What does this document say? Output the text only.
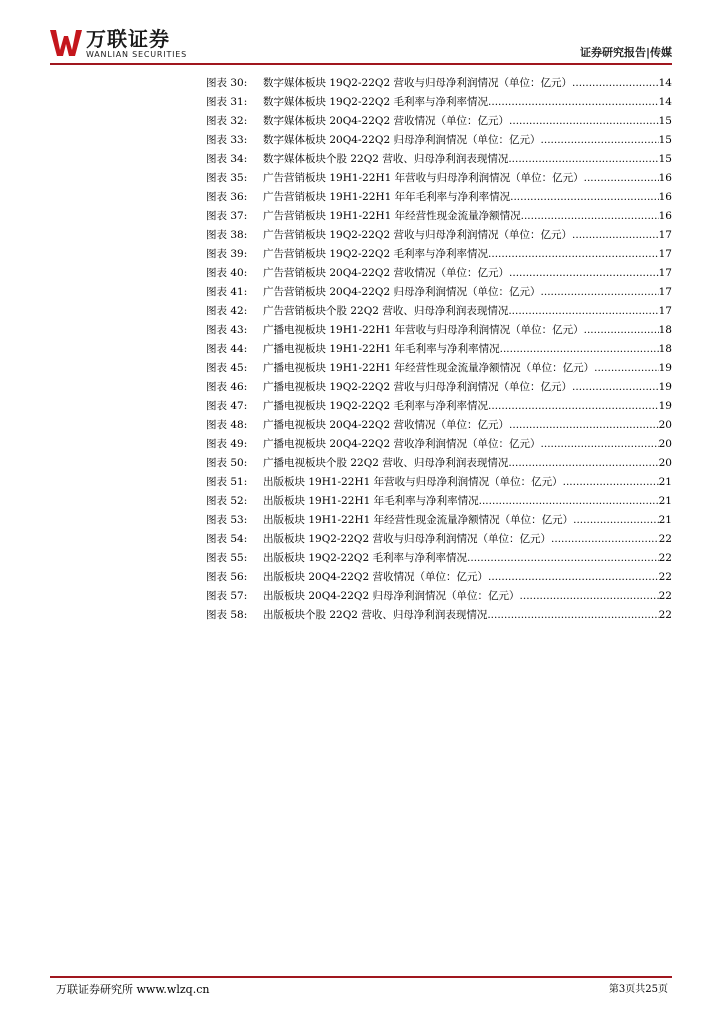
万联证券
WANLIAN SECURITIES	证券研究报告|传媒
图表 30:	数字媒体板块 19Q2-22Q2 营收与归母净利润情况（单位：亿元） .....	14
图表 31:	数字媒体板块 19Q2-22Q2 毛利率与净利率情况 .....	14
图表 32:	数字媒体板块 20Q4-22Q2 营收情况（单位：亿元） .....	15
图表 33:	数字媒体板块 20Q4-22Q2 归母净利润情况（单位：亿元） .....	15
图表 34:	数字媒体板块个股 22Q2 营收、归母净利润表现情况 .....	15
图表 35:	广告营销板块 19H1-22H1 年营收与归母净利润情况（单位：亿元） .....	16
图表 36:	广告营销板块 19H1-22H1 年年毛利率与净利率情况 .....	16
图表 37:	广告营销板块 19H1-22H1 年经营性现金流量净额情况 .....	16
图表 38:	广告营销板块 19Q2-22Q2 营收与归母净利润情况（单位：亿元） .....	17
图表 39:	广告营销板块 19Q2-22Q2 毛利率与净利率情况 .....	17
图表 40:	广告营销板块 20Q4-22Q2 营收情况（单位：亿元） .....	17
图表 41:	广告营销板块 20Q4-22Q2 归母净利润情况（单位：亿元） .....	17
图表 42:	广告营销板块个股 22Q2 营收、归母净利润表现情况 .....	17
图表 43:	广播电视板块 19H1-22H1 年营收与归母净利润情况（单位：亿元） .....	18
图表 44:	广播电视板块 19H1-22H1 年毛利率与净利率情况 .....	18
图表 45:	广播电视板块 19H1-22H1 年经营性现金流量净额情况（单位：亿元） .....	19
图表 46:	广播电视板块 19Q2-22Q2 营收与归母净利润情况（单位：亿元） .....	19
图表 47:	广播电视板块 19Q2-22Q2 毛利率与净利率情况 .....	19
图表 48:	广播电视板块 20Q4-22Q2 营收情况（单位：亿元） .....	20
图表 49:	广播电视板块 20Q4-22Q2 营收净利润情况（单位：亿元） .....	20
图表 50:	广播电视板块个股 22Q2 营收、归母净利润表现情况 .....	20
图表 51:	出版板块 19H1-22H1 年营收与归母净利润情况（单位：亿元） .....	21
图表 52:	出版板块 19H1-22H1 年毛利率与净利率情况 .....	21
图表 53:	出版板块 19H1-22H1 年经营性现金流量净额情况（单位：亿元） .....	21
图表 54:	出版板块 19Q2-22Q2 营收与归母净利润情况（单位：亿元） .....	22
图表 55:	出版板块 19Q2-22Q2 毛利率与净利率情况 .....	22
图表 56:	出版板块 20Q4-22Q2 营收情况（单位：亿元） .....	22
图表 57:	出版板块 20Q4-22Q2 归母净利润情况（单位：亿元） .....	22
图表 58:	出版板块个股 22Q2 营收、归母净利润表现情况 .....	22
万联证券研究所 www.wlzq.cn	第3页共25页
